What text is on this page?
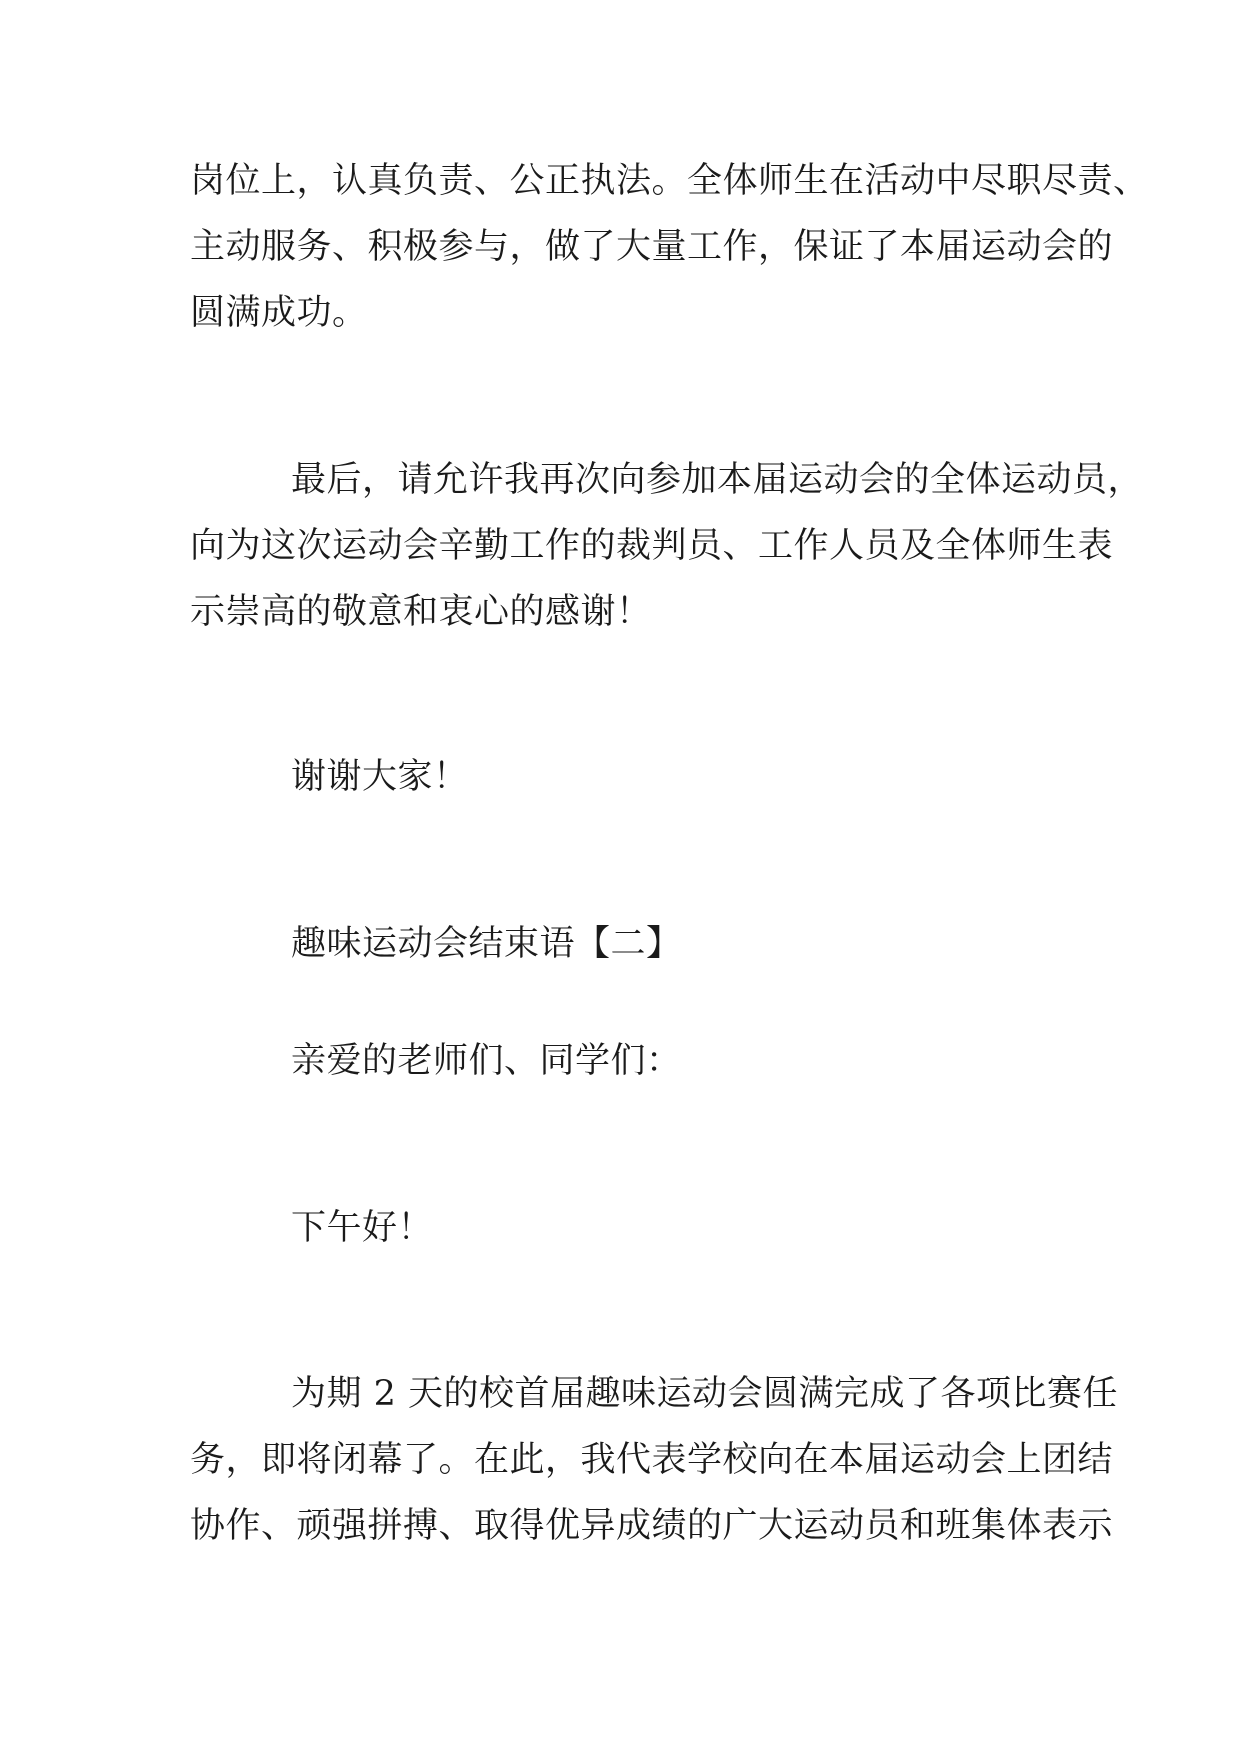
岗位上，认真负责、公正执法。全体师生在活动中尽职尽责、
主动服务、积极参与，做了大量工作，保证了本届运动会的
圆满成功。
最后，请允许我再次向参加本届运动会的全体运动员，
向为这次运动会辛勤工作的裁判员、工作人员及全体师生表
示崇高的敬意和衷心的感谢！
谢谢大家！
趣味运动会结束语【二】
亲爱的老师们、同学们：
下午好！
为期 2 天的校首届趣味运动会圆满完成了各项比赛任
务，即将闭幕了。在此，我代表学校向在本届运动会上团结
协作、顽强拼搏、取得优异成绩的广大运动员和班集体表示
